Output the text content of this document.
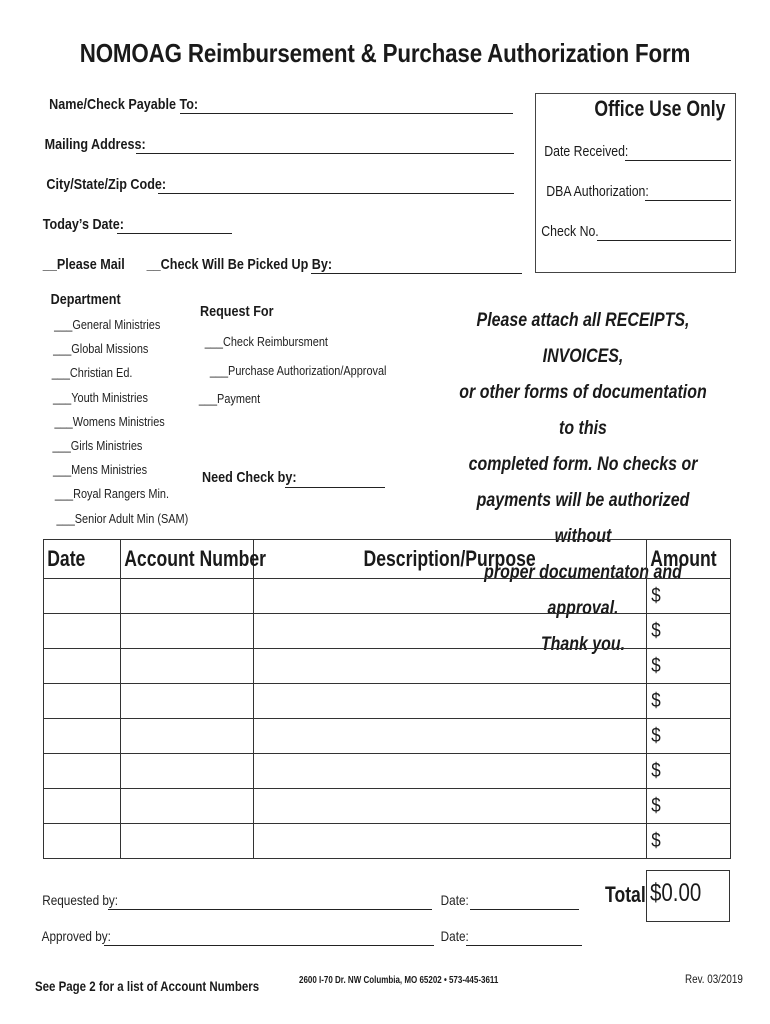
NOMOAG Reimbursement & Purchase Authorization Form
Name/Check Payable To:
Mailing Address:
City/State/Zip Code:
Today’s Date:
__Please Mail __Check Will Be Picked Up By:
Office Use Only
Date Received:
DBA Authorization:
Check No.
Department
___General Ministries
___Global Missions
___Christian Ed.
___Youth Ministries
___Womens Ministries
___Girls Ministries
___Mens Ministries
___Royal Rangers Min.
___Senior Adult Min (SAM)
Request For
___Check Reimbursment
___Purchase Authorization/Approval
___Payment
Need Check by:
Please attach all RECEIPTS, INVOICES,
or other forms of documentation to this
completed form. No checks or
payments will be authorized without
proper documentaton and approval.
Thank you.
Date	Account Number	Description/Purpose	Amount
			$
			$
			$
			$
			$
			$
			$
			$
Total $0.00
Requested by:	Date:
Approved by:	Date:
See Page 2 for a list of Account Numbers	2600 I-70 Dr. NW Columbia, MO 65202 • 573-445-3611	Rev. 03/2019
